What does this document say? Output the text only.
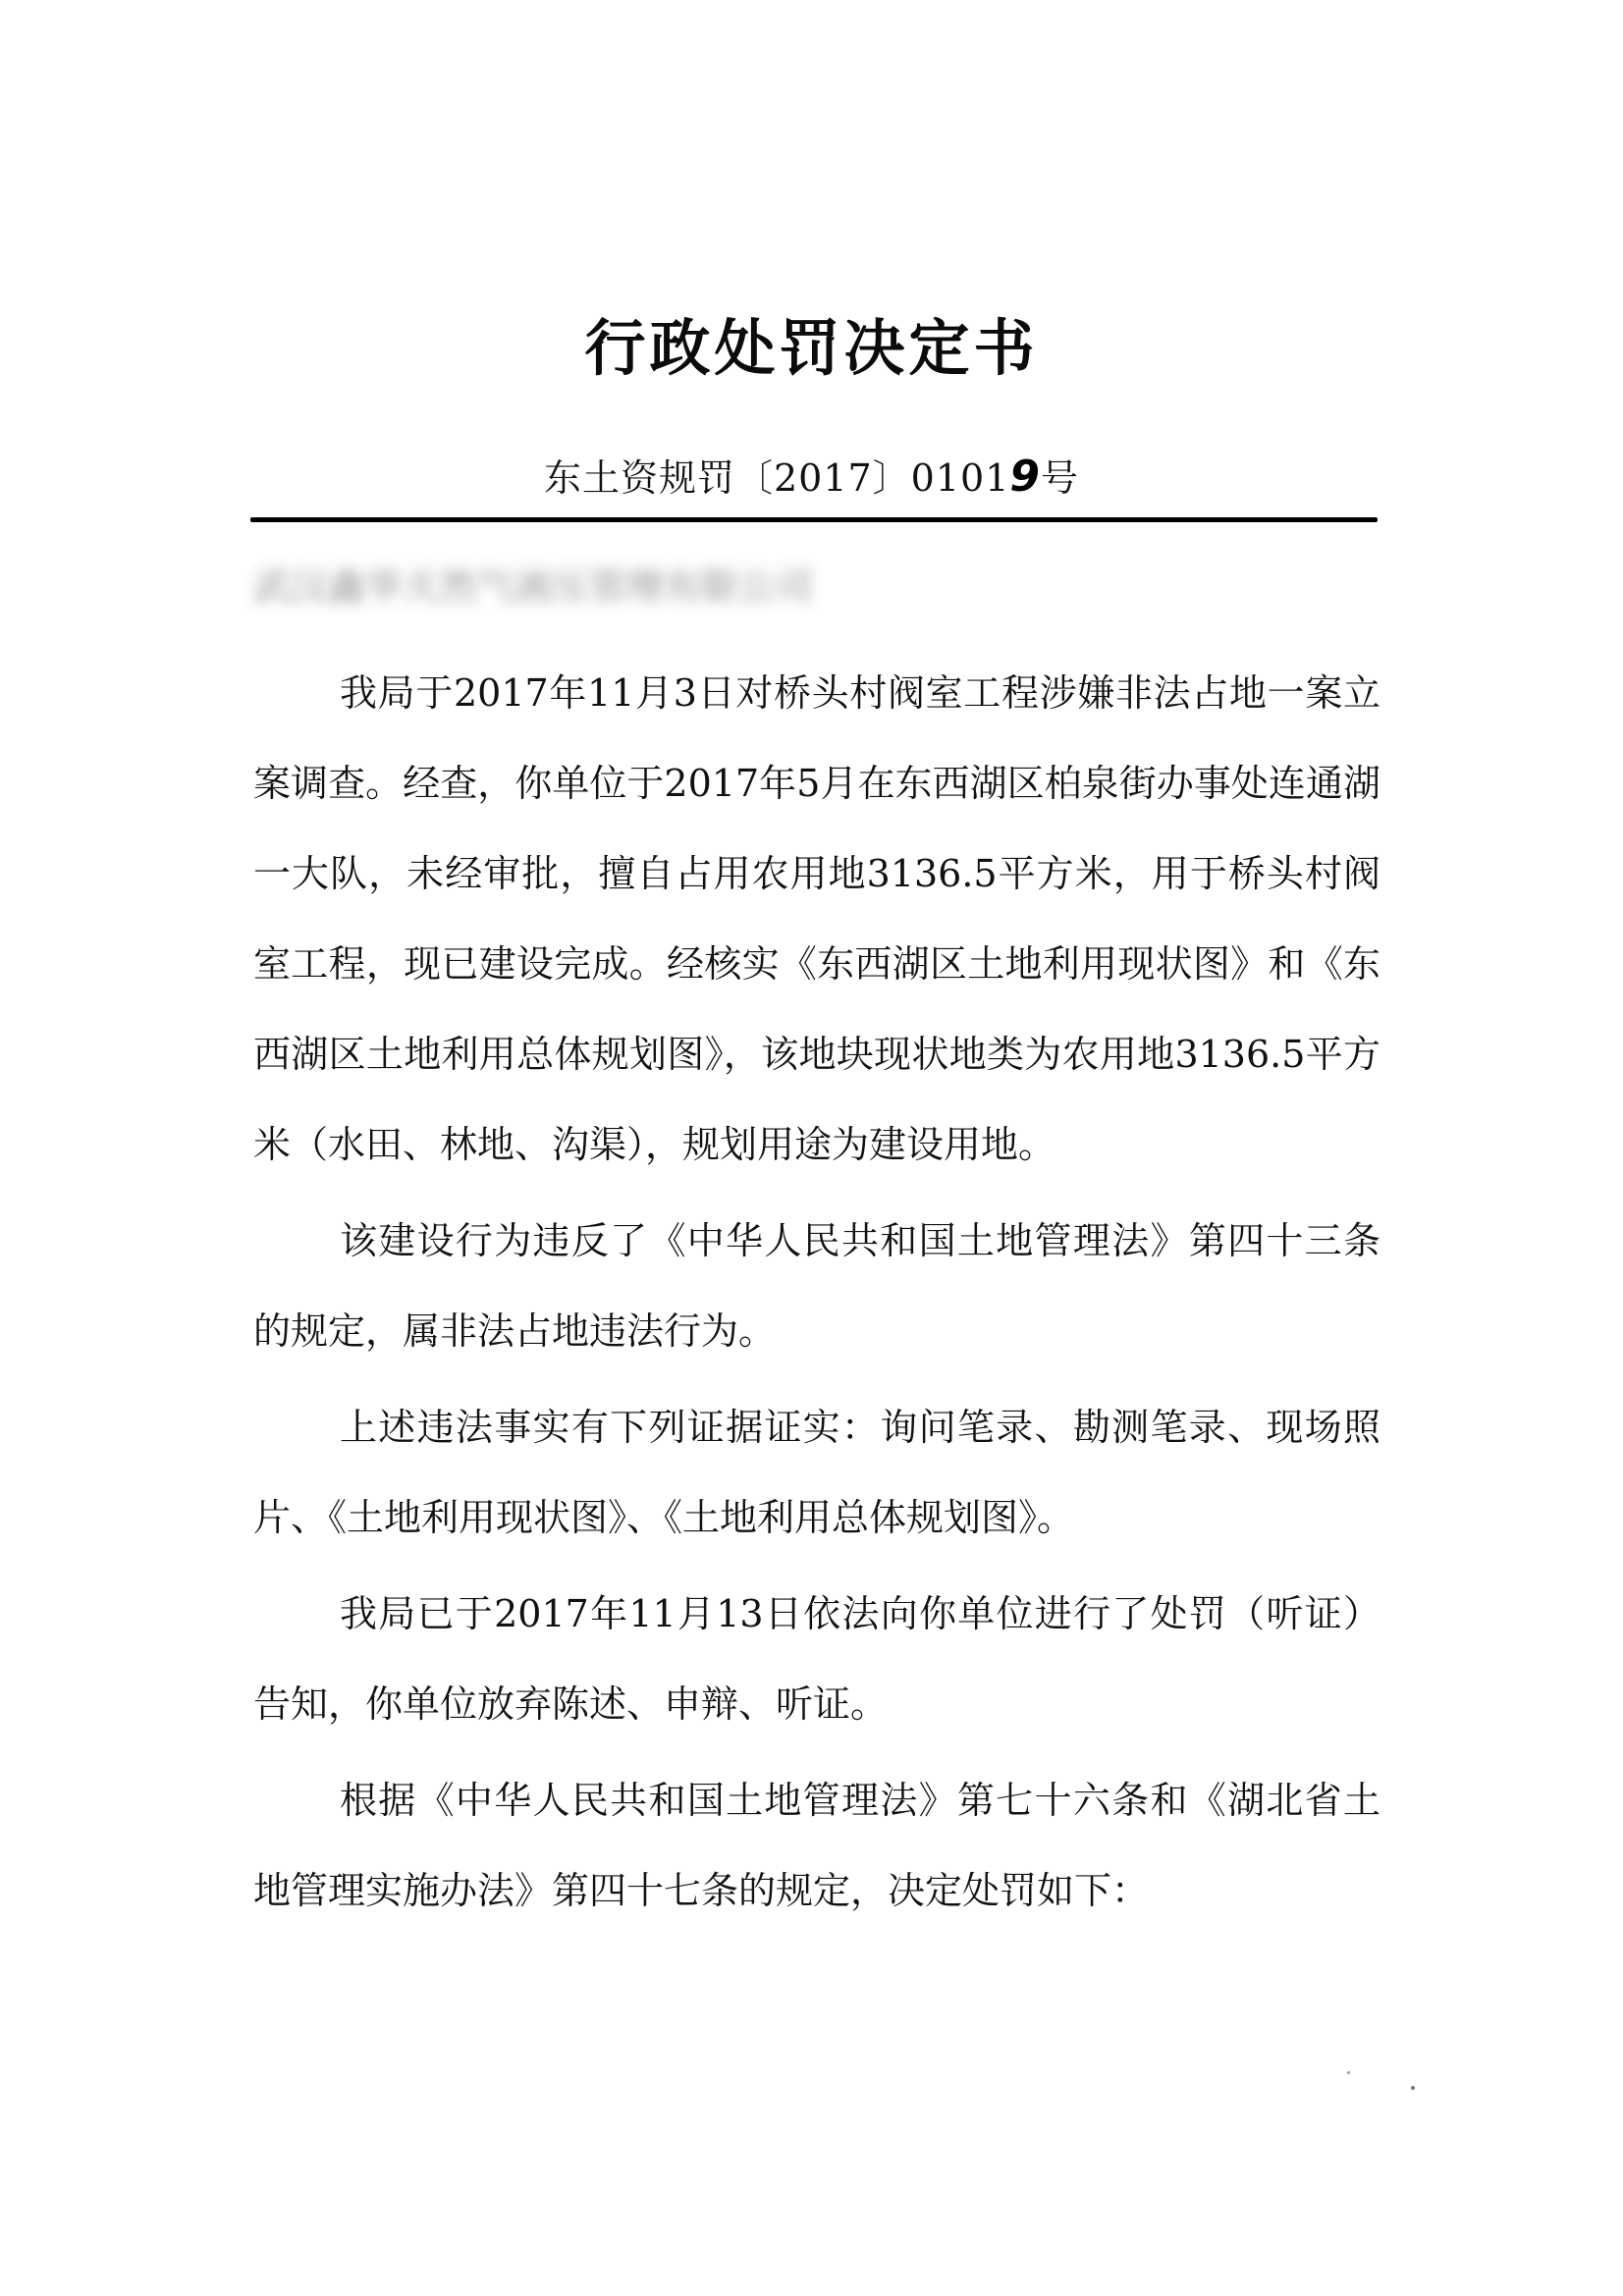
行政处罚决定书
东土资规罚〔2017〕01019号
武汉鑫华天然气液压管理有限公司

我局于2017年11月3日对桥头村阀室工程涉嫌非法占地一案立案调查。经查，你单位于2017年5月在东西湖区柏泉街办事处连通湖一大队，未经审批，擅自占用农用地3136.5平方米，用于桥头村阀室工程，现已建设完成。经核实《东西湖区土地利用现状图》和《东西湖区土地利用总体规划图》，该地块现状地类为农用地3136.5平方米（水田、林地、沟渠），规划用途为建设用地。

该建设行为违反了《中华人民共和国土地管理法》第四十三条的规定，属非法占地违法行为。

上述违法事实有下列证据证实：询问笔录、勘测笔录、现场照片、《土地利用现状图》、《土地利用总体规划图》。

我局已于2017年11月13日依法向你单位进行了处罚（听证）告知，你单位放弃陈述、申辩、听证。

根据《中华人民共和国土地管理法》第七十六条和《湖北省土地管理实施办法》第四十七条的规定，决定处罚如下：
